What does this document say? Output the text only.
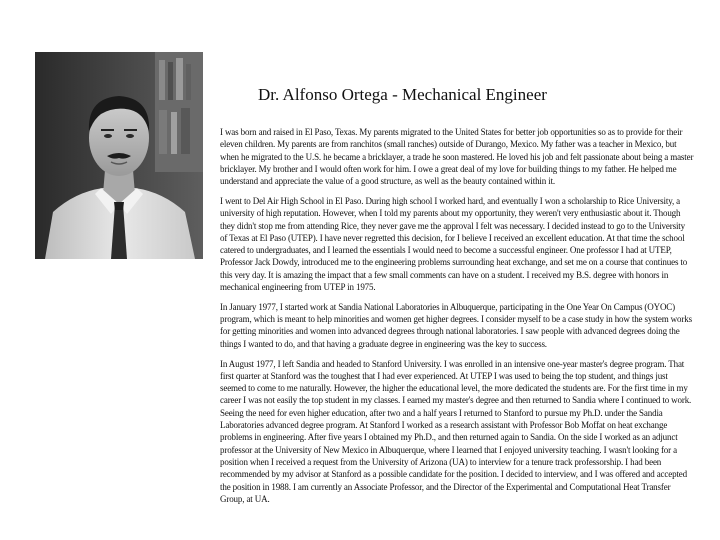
Dr. Alfonso Ortega - Mechanical Engineer

I was born and raised in El Paso, Texas. My parents migrated to the United States for better job opportunities so as to provide for their eleven children. My parents are from ranchitos (small ranches) outside of Durango, Mexico. My father was a teacher in Mexico, but when he migrated to the U.S. he became a bricklayer, a trade he soon mastered. He loved his job and felt passionate about being a master bricklayer. My brother and I would often work for him. I owe a great deal of my love for building things to my father. He helped me understand and appreciate the value of a good structure, as well as the beauty contained within it.

I went to Del Air High School in El Paso. During high school I worked hard, and eventually I won a scholarship to Rice University, a university of high reputation. However, when I told my parents about my opportunity, they weren't very enthusiastic about it. Though they didn't stop me from attending Rice, they never gave me the approval I felt was necessary. I decided instead to go to the University of Texas at El Paso (UTEP). I have never regretted this decision, for I believe I received an excellent education. At that time the school catered to undergraduates, and I learned the essentials I would need to become a successful engineer. One professor I had at UTEP, Professor Jack Dowdy, introduced me to the engineering problems surrounding heat exchange, and set me on a course that continues to this very day. It is amazing the impact that a few small comments can have on a student. I received my B.S. degree with honors in mechanical engineering from UTEP in 1975.

In January 1977, I started work at Sandia National Laboratories in Albuquerque, participating in the One Year On Campus (OYOC) program, which is meant to help minorities and women get higher degrees. I consider myself to be a case study in how the system works for getting minorities and women into advanced degrees through national laboratories. I saw people with advanced degrees doing the things I wanted to do, and that having a graduate degree in engineering was the key to success.

In August 1977, I left Sandia and headed to Stanford University. I was enrolled in an intensive one-year master's degree program. That first quarter at Stanford was the toughest that I had ever experienced. At UTEP I was used to being the top student, and things just seemed to come to me naturally. However, the higher the educational level, the more dedicated the students are. For the first time in my career I was not easily the top student in my classes. I earned my master's degree and then returned to Sandia where I continued to work. Seeing the need for even higher education, after two and a half years I returned to Stanford to pursue my Ph.D. under the Sandia Laboratories advanced degree program. At Stanford I worked as a research assistant with Professor Bob Moffat on heat exchange problems in engineering. After five years I obtained my Ph.D., and then returned again to Sandia. On the side I worked as an adjunct professor at the University of New Mexico in Albuquerque, where I learned that I enjoyed university teaching. I wasn't looking for a position when I received a request from the University of Arizona (UA) to interview for a tenure track professorship. I had been recommended by my advisor at Stanford as a possible candidate for the position. I decided to interview, and I was offered and accepted the position in 1988. I am currently an Associate Professor, and the Director of the Experimental and Computational Heat Transfer Group, at UA.
